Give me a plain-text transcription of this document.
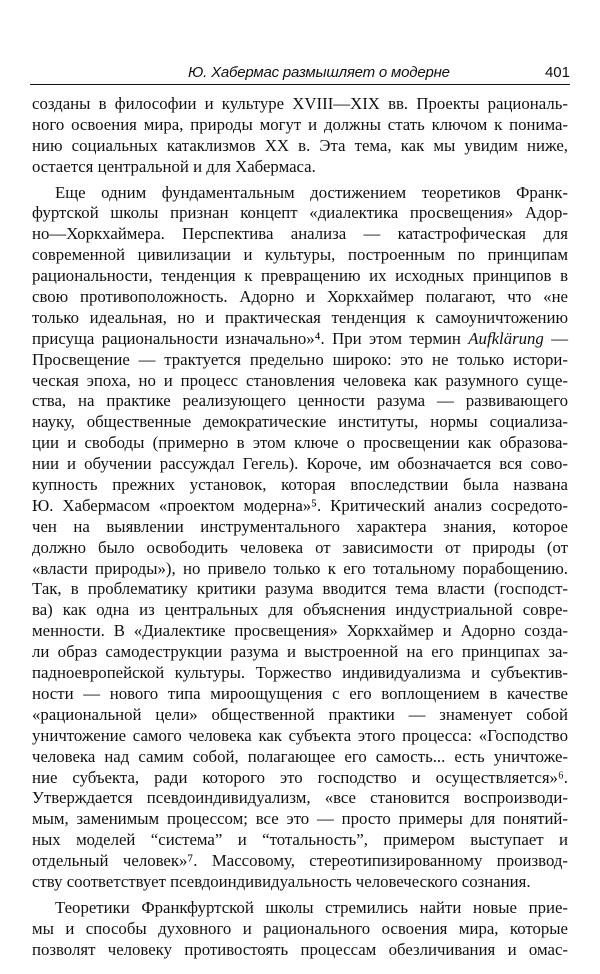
Ю. Хабермас размышляет о модерне	401
созданы в философии и культуре XVIII—XIX вв. Проекты рациональ-
ного освоения мира, природы могут и должны стать ключом к понима-
нию социальных катаклизмов XX в. Эта тема, как мы увидим ниже,
остается центральной и для Хабермаса.
Еще одним фундаментальным достижением теоретиков Франк-
фуртской школы признан концепт «диалектика просвещения» Адор-
но—Хоркхаймера. Перспектива анализа — катастрофическая для
современной цивилизации и культуры, построенным по принципам
рациональности, тенденция к превращению их исходных принципов в
свою противоположность. Адорно и Хоркхаймер полагают, что «не
только идеальная, но и практическая тенденция к самоуничтожению
присуща рациональности изначально»⁴. При этом термин Aufklärung —
Просвещение — трактуется предельно широко: это не только истори-
ческая эпоха, но и процесс становления человека как разумного суще-
ства, на практике реализующего ценности разума — развивающего
науку, общественные демократические институты, нормы социализа-
ции и свободы (примерно в этом ключе о просвещении как образова-
нии и обучении рассуждал Гегель). Короче, им обозначается вся сово-
купность прежних установок, которая впоследствии была названа
Ю. Хабермасом «проектом модерна»⁵. Критический анализ сосредото-
чен на выявлении инструментального характера знания, которое
должно было освободить человека от зависимости от природы (от
«власти природы»), но привело только к его тотальному порабощению.
Так, в проблематику критики разума вводится тема власти (господст-
ва) как одна из центральных для объяснения индустриальной совре-
менности. В «Диалектике просвещения» Хоркхаймер и Адорно созда-
ли образ самодеструкции разума и выстроенной на его принципах за-
падноевропейской культуры. Торжество индивидуализма и субъектив-
ности — нового типа мироощущения с его воплощением в качестве
«рациональной цели» общественной практики — знаменует собой
уничтожение самого человека как субъекта этого процесса: «Господство
человека над самим собой, полагающее его самость... есть уничтоже-
ние субъекта, ради которого это господство и осуществляется»⁶.
Утверждается псевдоиндивидуализм, «все становится воспроизводи-
мым, заменимым процессом; все это — просто примеры для понятий-
ных моделей “система” и “тотальность”, примером выступает и
отдельный человек»⁷. Массовому, стереотипизированному производ-
ству соответствует псевдоиндивидуальность человеческого сознания.
Теоретики Франкфуртской школы стремились найти новые прие-
мы и способы духовного и рационального освоения мира, которые
позволят человеку противостоять процессам обезличивания и омас-
